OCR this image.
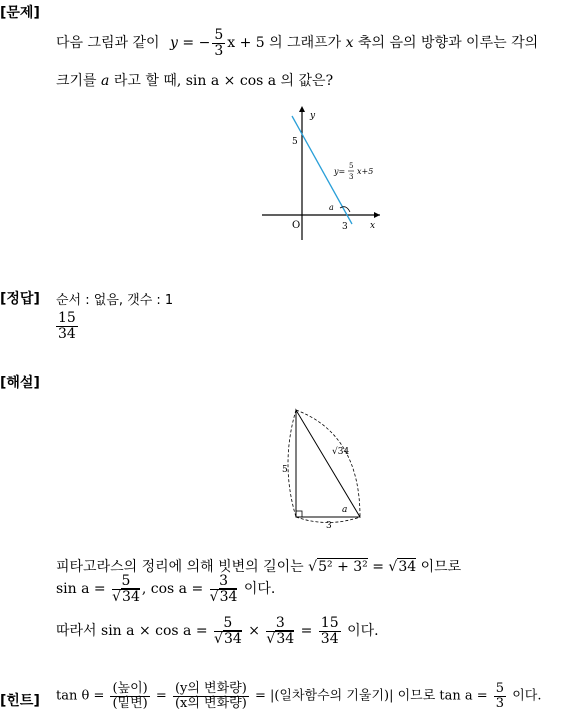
[문제]
다음 그림과 같이 y = − $\frac{5}{3}$ x + 5 의 그래프가 x 축의 음의 방향과 이루는 각의
크기를 a 라고 할 때, sin a × cos a 의 값은?
y
x
O
5
3
a
y=
5
3
x+5
[정답] 순서 : 없음, 갯수 : 1
$\frac{15}{34}$
[해설]
5
3
√34
a
피타고라스의 정리에 의해 빗변의 길이는 √5² + 3² = √34 이므로
$\sin a = \frac{5}{√34}$ , $\cos a = \frac{3}{√34}$ 이다.
따라서 $\sin a \times \cos a = \frac{5}{√34} \times \frac{3}{√34} = \frac{15}{34}$ 이다.
[힌트] $\tan \theta = \frac{\text{(높이)}}{\text{(밑변)}} = \frac{\text{(y의 변화량)}}{\text{(x의 변화량)}}$ = |(일차함수의 기울기)| 이므로 $\tan a = \frac{5}{3}$ 이다.
